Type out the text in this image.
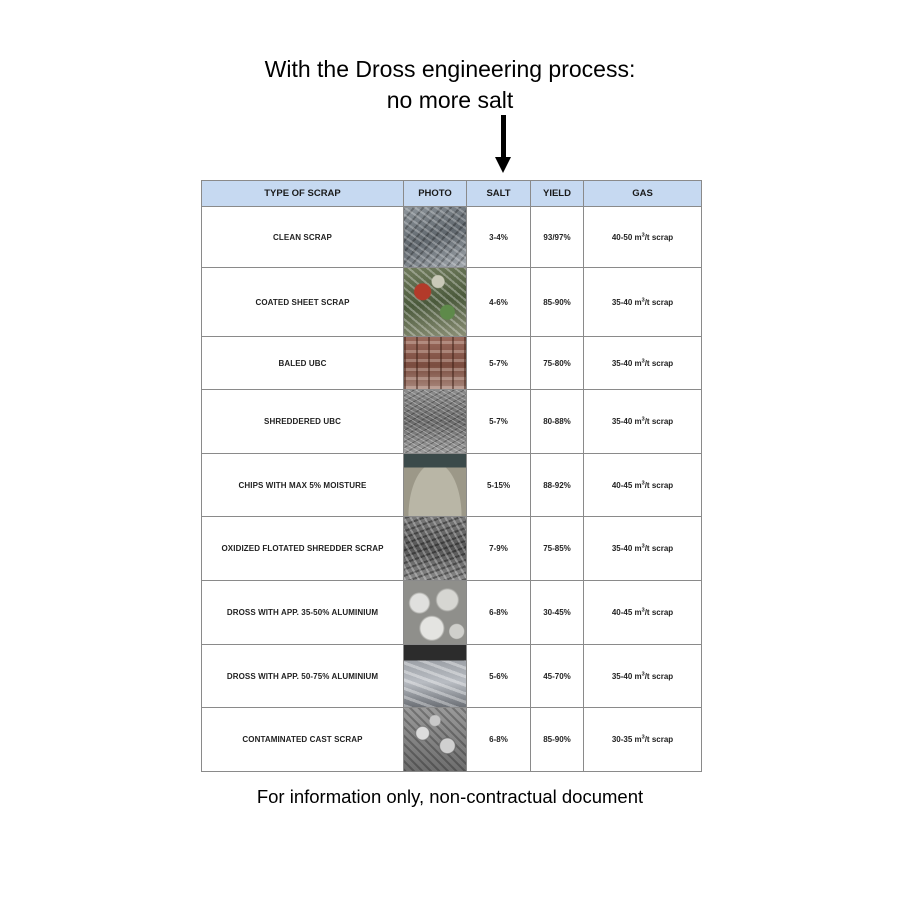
With the Dross engineering process:
no more salt
TYPE OF SCRAP	PHOTO	SALT	YIELD	GAS
CLEAN SCRAP		3-4%	93/97%	40-50 $m^3/t$ scrap
COATED SHEET SCRAP		4-6%	85-90%	35-40 $m^3/t$ scrap
BALED UBC		5-7%	75-80%	35-40 $m^3/t$ scrap
SHREDDERED UBC		5-7%	80-88%	35-40 $m^3/t$ scrap
CHIPS WITH MAX 5% MOISTURE		5-15%	88-92%	40-45 $m^3/t$ scrap
OXIDIZED FLOTATED SHREDDER SCRAP		7-9%	75-85%	35-40 $m^3/t$ scrap
DROSS WITH APP. 35-50% ALUMINIUM		6-8%	30-45%	40-45 $m^3/t$ scrap
DROSS WITH APP. 50-75% ALUMINIUM		5-6%	45-70%	35-40 $m^3/t$ scrap
CONTAMINATED CAST SCRAP		6-8%	85-90%	30-35 $m^3/t$ scrap
For information only, non-contractual document
